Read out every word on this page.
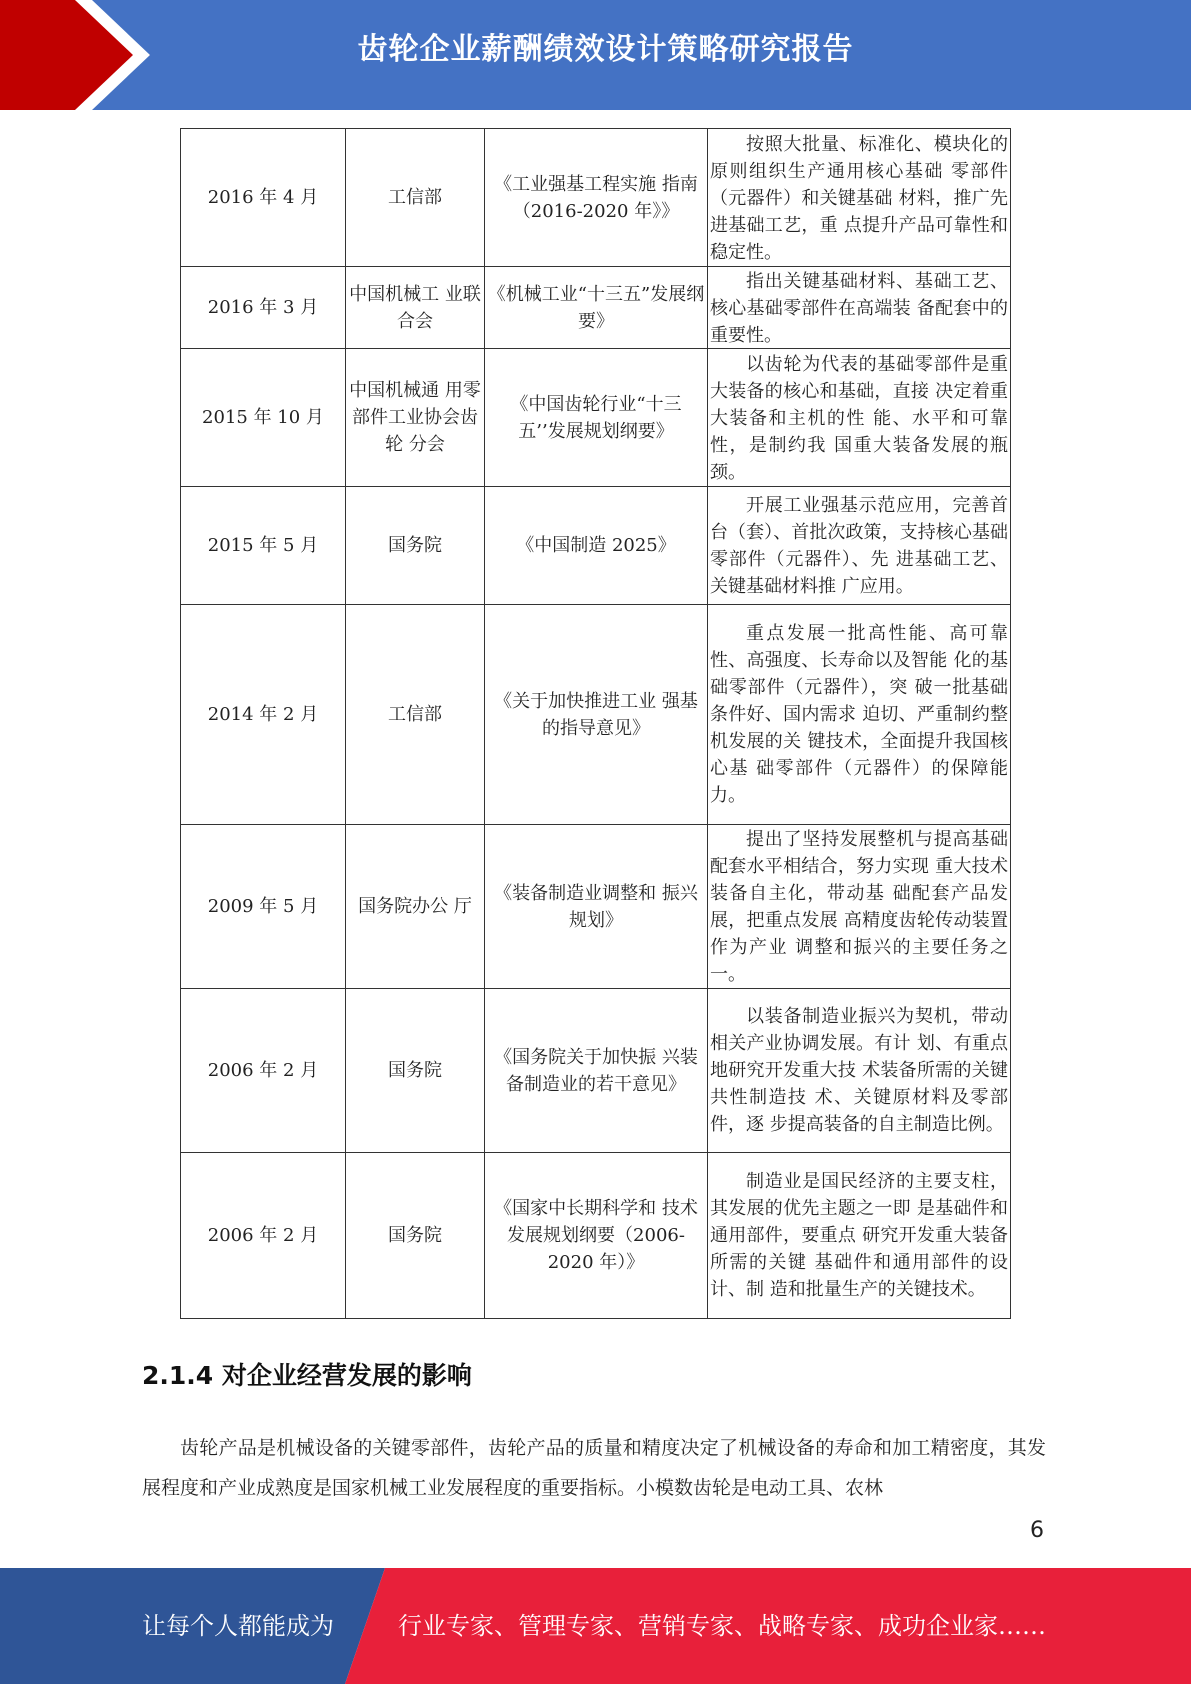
齿轮企业薪酬绩效设计策略研究报告
2016 年 4 月	工信部	《工业强基工程实施 指南（2016-2020 年》》	按照大批量、标准化、模块化的原则组织生产通用核心基础 零部件（元器件）和关键基础 材料，推广先进基础工艺，重 点提升产品可靠性和稳定性。

2016 年 3 月	中国机械工 业联合会	《机械工业“十三五”发展纲要》	指出关键基础材料、基础工艺、核心基础零部件在高端装 备配套中的重要性。

2015 年 10 月	中国机械通 用零部件工业协会齿轮 分会	《中国齿轮行业“十三 五’’发展规划纲要》	以齿轮为代表的基础零部件是重大装备的核心和基础，直接 决定着重大装备和主机的性 能、水平和可靠性，是制约我 国重大装备发展的瓶颈。

2015 年 5 月	国务院	《中国制造 2025》	开展工业强基示范应用，完善首台（套）、首批次政策，支持核心基础零部件（元器件）、先 进基础工艺、关键基础材料推 广应用。

2014 年 2 月	工信部	《关于加快推进工业 强基的指导意见》	重点发展一批高性能、高可靠性、高强度、长寿命以及智能 化的基础零部件（元器件），突 破一批基础条件好、国内需求 迫切、严重制约整机发展的关 键技术，全面提升我国核心基 础零部件（元器件）的保障能 力。

2009 年 5 月	国务院办公 厅	《装备制造业调整和 振兴规划》	提出了坚持发展整机与提高基础配套水平相结合，努力实现 重大技术装备自主化，带动基 础配套产品发展，把重点发展 高精度齿轮传动装置作为产业 调整和振兴的主要任务之一。

2006 年 2 月	国务院	《国务院关于加快振 兴装备制造业的若干意见》	以装备制造业振兴为契机，带动相关产业协调发展。有计 划、有重点地研究开发重大技 术装备所需的关键共性制造技 术、关键原材料及零部件，逐 步提高装备的自主制造比例。

2006 年 2 月	国务院	《国家中长期科学和 技术发展规划纲要（2006-2020 年）》	制造业是国民经济的主要支柱，其发展的优先主题之一即 是基础件和通用部件，要重点 研究开发重大装备所需的关键 基础件和通用部件的设计、制 造和批量生产的关键技术。
2.1.4 对企业经营发展的影响
齿轮产品是机械设备的关键零部件，齿轮产品的质量和精度决定了机械设备的寿命和加工精密度，其发展程度和产业成熟度是国家机械工业发展程度的重要指标。小模数齿轮是电动工具、农林
6
让每个人都能成为	行业专家、管理专家、营销专家、战略专家、成功企业家……
